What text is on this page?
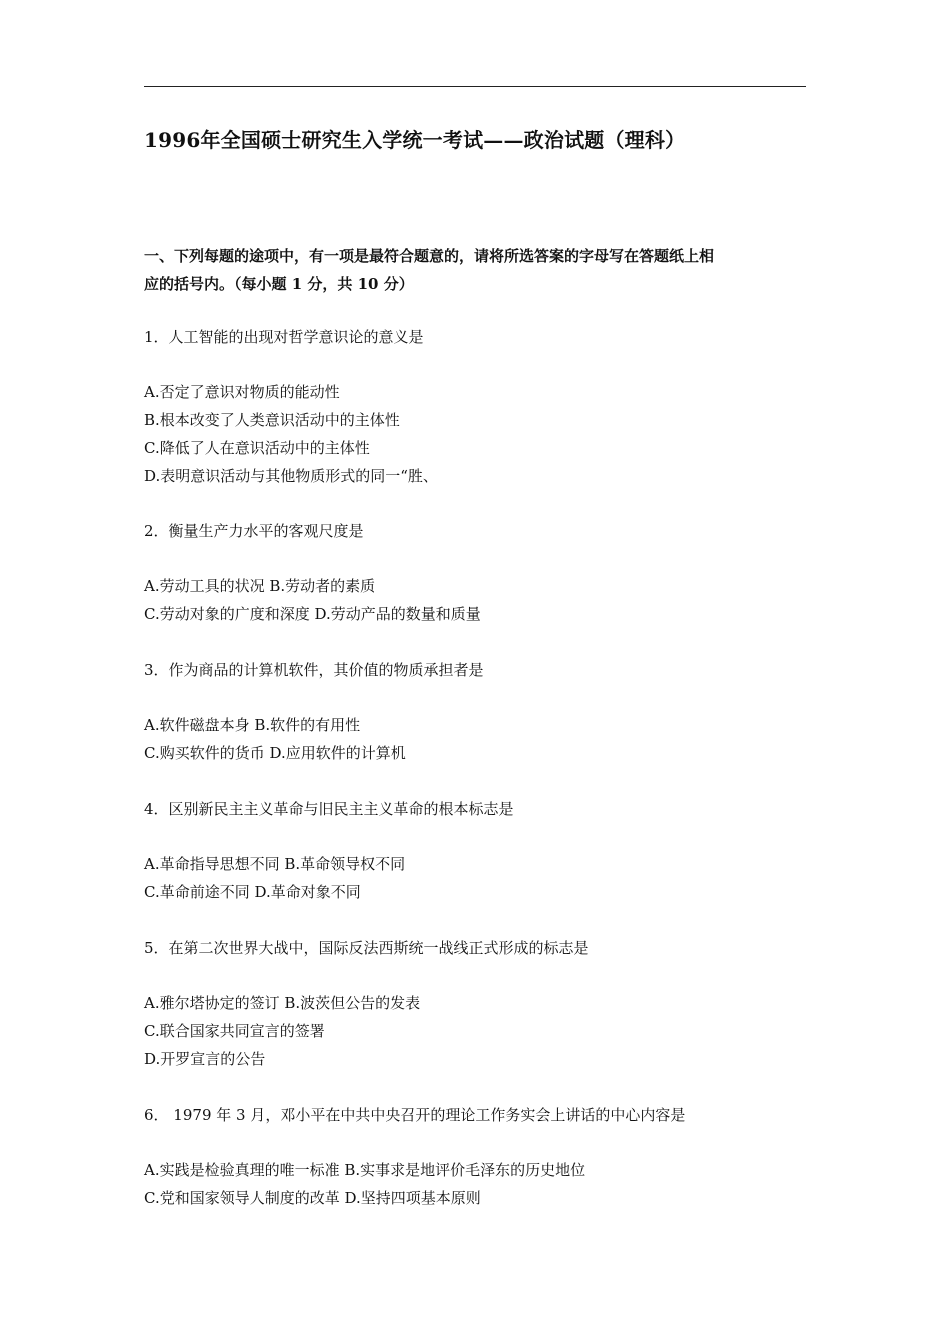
1996年全国硕士研究生入学统一考试——政治试题（理科）
一、下列每题的途项中，有一项是最符合题意的，请将所选答案的字母写在答题纸上相
应的括号内。（每小题 1 分，共 10 分）
1．人工智能的出现对哲学意识论的意义是
A.否定了意识对物质的能动性
B.根本改变了人类意识活动中的主体性
C.降低了人在意识活动中的主体性
D.表明意识活动与其他物质形式的同一“胜、
2．衡量生产力水平的客观尺度是
A.劳动工具的状况 B.劳动者的素质
C.劳动对象的广度和深度 D.劳动产品的数量和质量
3．作为商品的计算机软件，其价值的物质承担者是
A.软件磁盘本身 B.软件的有用性
C.购买软件的货币 D.应用软件的计算机
4．区别新民主主义革命与旧民主主义革命的根本标志是
A.革命指导思想不同 B.革命领导权不同
C.革命前途不同 D.革命对象不同
5．在第二次世界大战中，国际反法西斯统一战线正式形成的标志是
A.雅尔塔协定的签订 B.波茨但公告的发表
C.联合国家共同宣言的签署
D.开罗宣言的公告
6． 1979 年 3 月，邓小平在中共中央召开的理论工作务实会上讲话的中心内容是
A.实践是检验真理的唯一标准 B.实事求是地评价毛泽东的历史地位
C.党和国家领导人制度的改革 D.坚持四项基本原则
